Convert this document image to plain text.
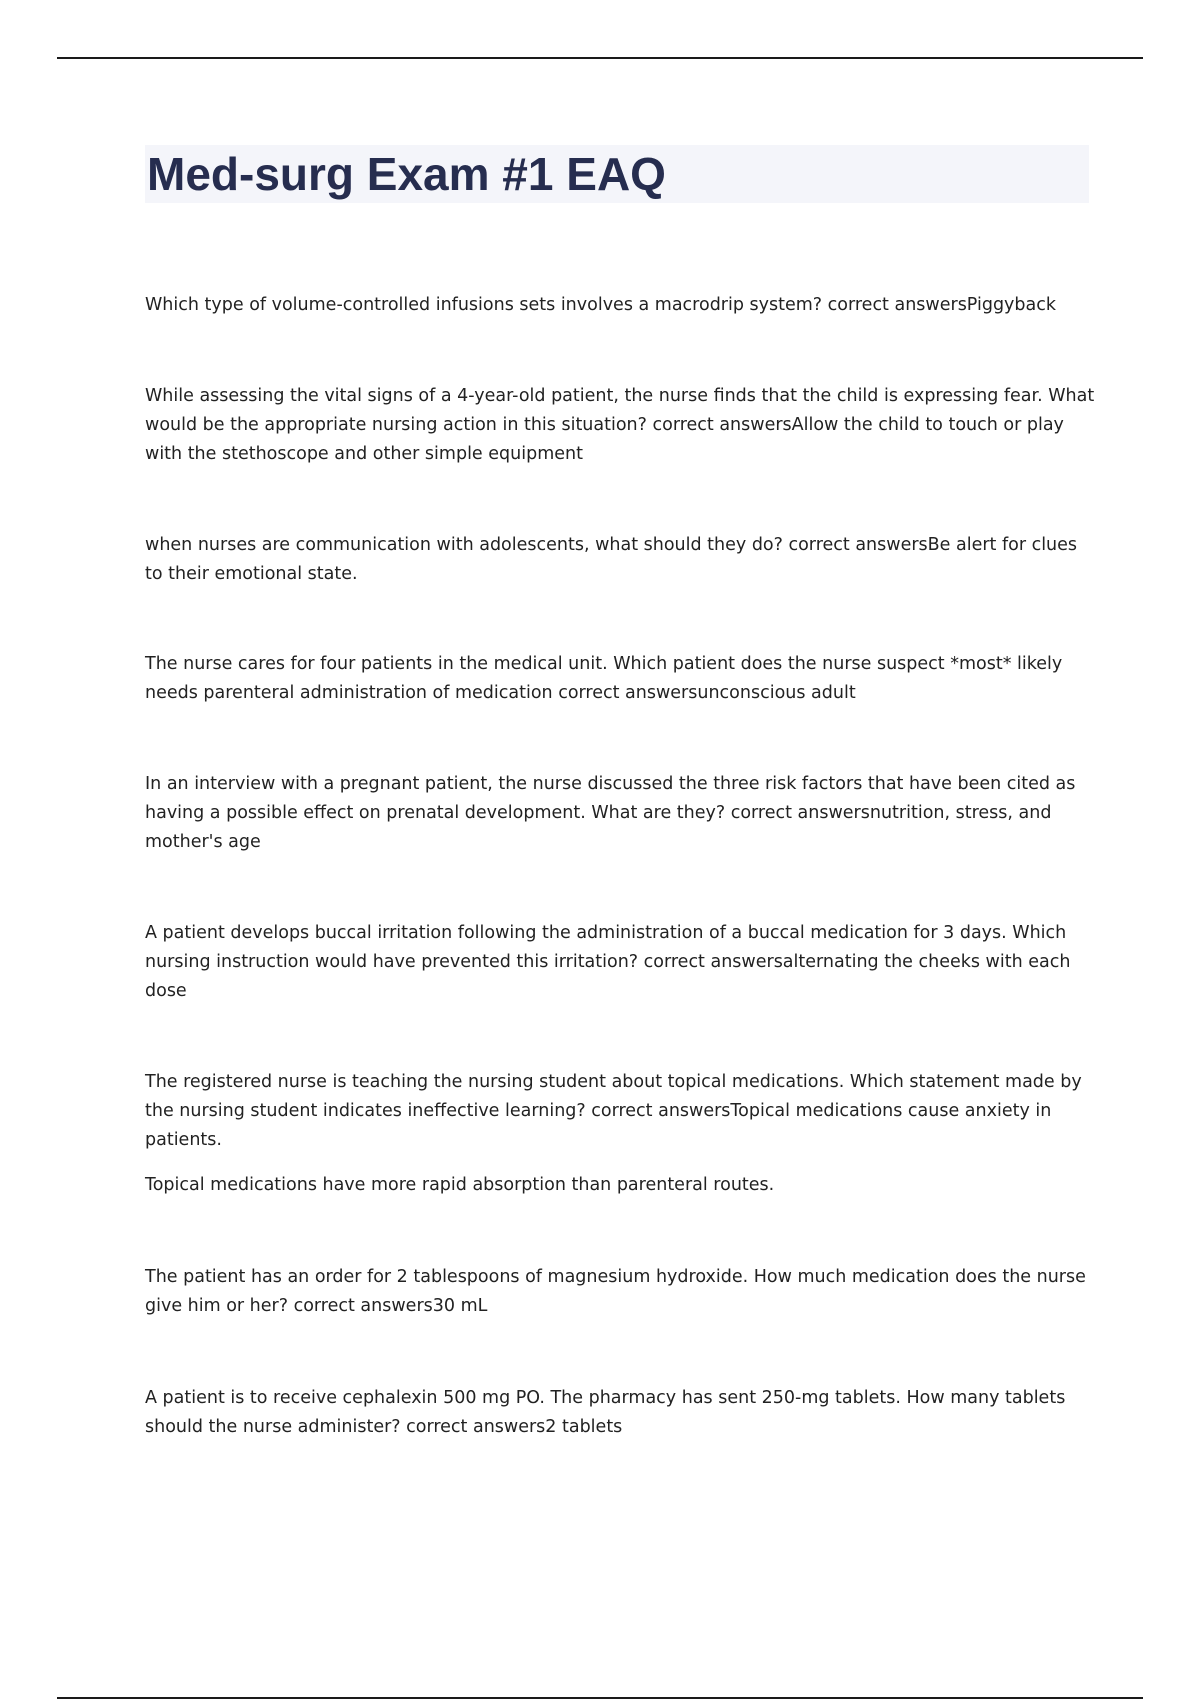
Med-surg Exam #1 EAQ

Which type of volume-controlled infusions sets involves a macrodrip system? correct answersPiggyback

While assessing the vital signs of a 4-year-old patient, the nurse finds that the child is expressing fear. What would be the appropriate nursing action in this situation? correct answersAllow the child to touch or play with the stethoscope and other simple equipment

when nurses are communication with adolescents, what should they do? correct answersBe alert for clues to their emotional state.

The nurse cares for four patients in the medical unit. Which patient does the nurse suspect *most* likely needs parenteral administration of medication correct answersunconscious adult

In an interview with a pregnant patient, the nurse discussed the three risk factors that have been cited as having a possible effect on prenatal development. What are they? correct answersnutrition, stress, and mother's age

A patient develops buccal irritation following the administration of a buccal medication for 3 days. Which nursing instruction would have prevented this irritation? correct answersalternating the cheeks with each dose

The registered nurse is teaching the nursing student about topical medications. Which statement made by the nursing student indicates ineffective learning? correct answersTopical medications cause anxiety in patients.

Topical medications have more rapid absorption than parenteral routes.

The patient has an order for 2 tablespoons of magnesium hydroxide. How much medication does the nurse give him or her? correct answers30 mL

A patient is to receive cephalexin 500 mg PO. The pharmacy has sent 250-mg tablets. How many tablets should the nurse administer? correct answers2 tablets
